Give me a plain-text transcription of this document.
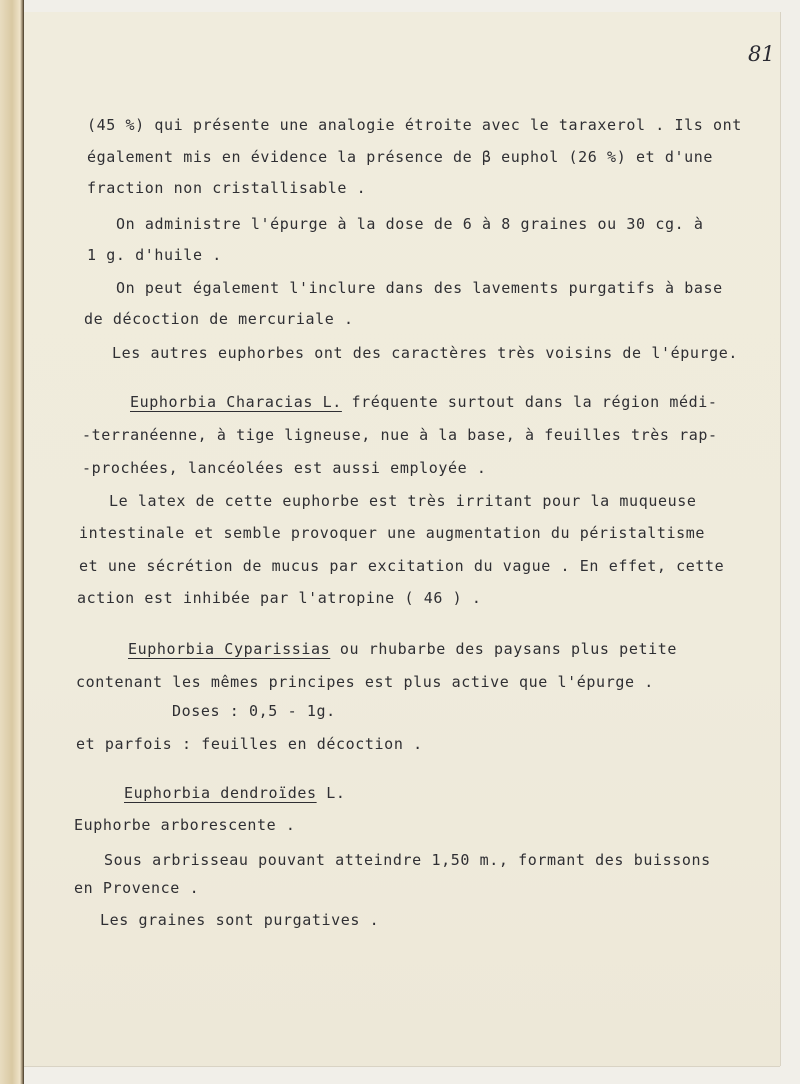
81
(45 %) qui présente une analogie étroite avec le taraxerol . Ils ont
également mis en évidence la présence de β euphol (26 %) et d'une
fraction non cristallisable .
On administre l'épurge à la dose de 6 à 8 graines ou 30 cg. à
1 g. d'huile .
On peut également l'inclure dans des lavements purgatifs à base
de décoction de mercuriale .
Les autres euphorbes ont des caractères très voisins de l'épurge.
Euphorbia Characias L. fréquente surtout dans la région médi-
-terranéenne, à tige ligneuse, nue à la base, à feuilles très rap-
-prochées, lancéolées est aussi employée .
Le latex de cette euphorbe est très irritant pour la muqueuse
intestinale et semble provoquer une augmentation du péristaltisme
et une sécrétion de mucus par excitation du vague . En effet, cette
action est inhibée par l'atropine ( 46 ) .
Euphorbia Cyparissias ou rhubarbe des paysans plus petite
contenant les mêmes principes est plus active que l'épurge .
Doses : 0,5 - 1g.
et parfois : feuilles en décoction .
Euphorbia dendroïdes L.
Euphorbe arborescente .
Sous arbrisseau pouvant atteindre 1,50 m., formant des buissons
en Provence .
Les graines sont purgatives .
